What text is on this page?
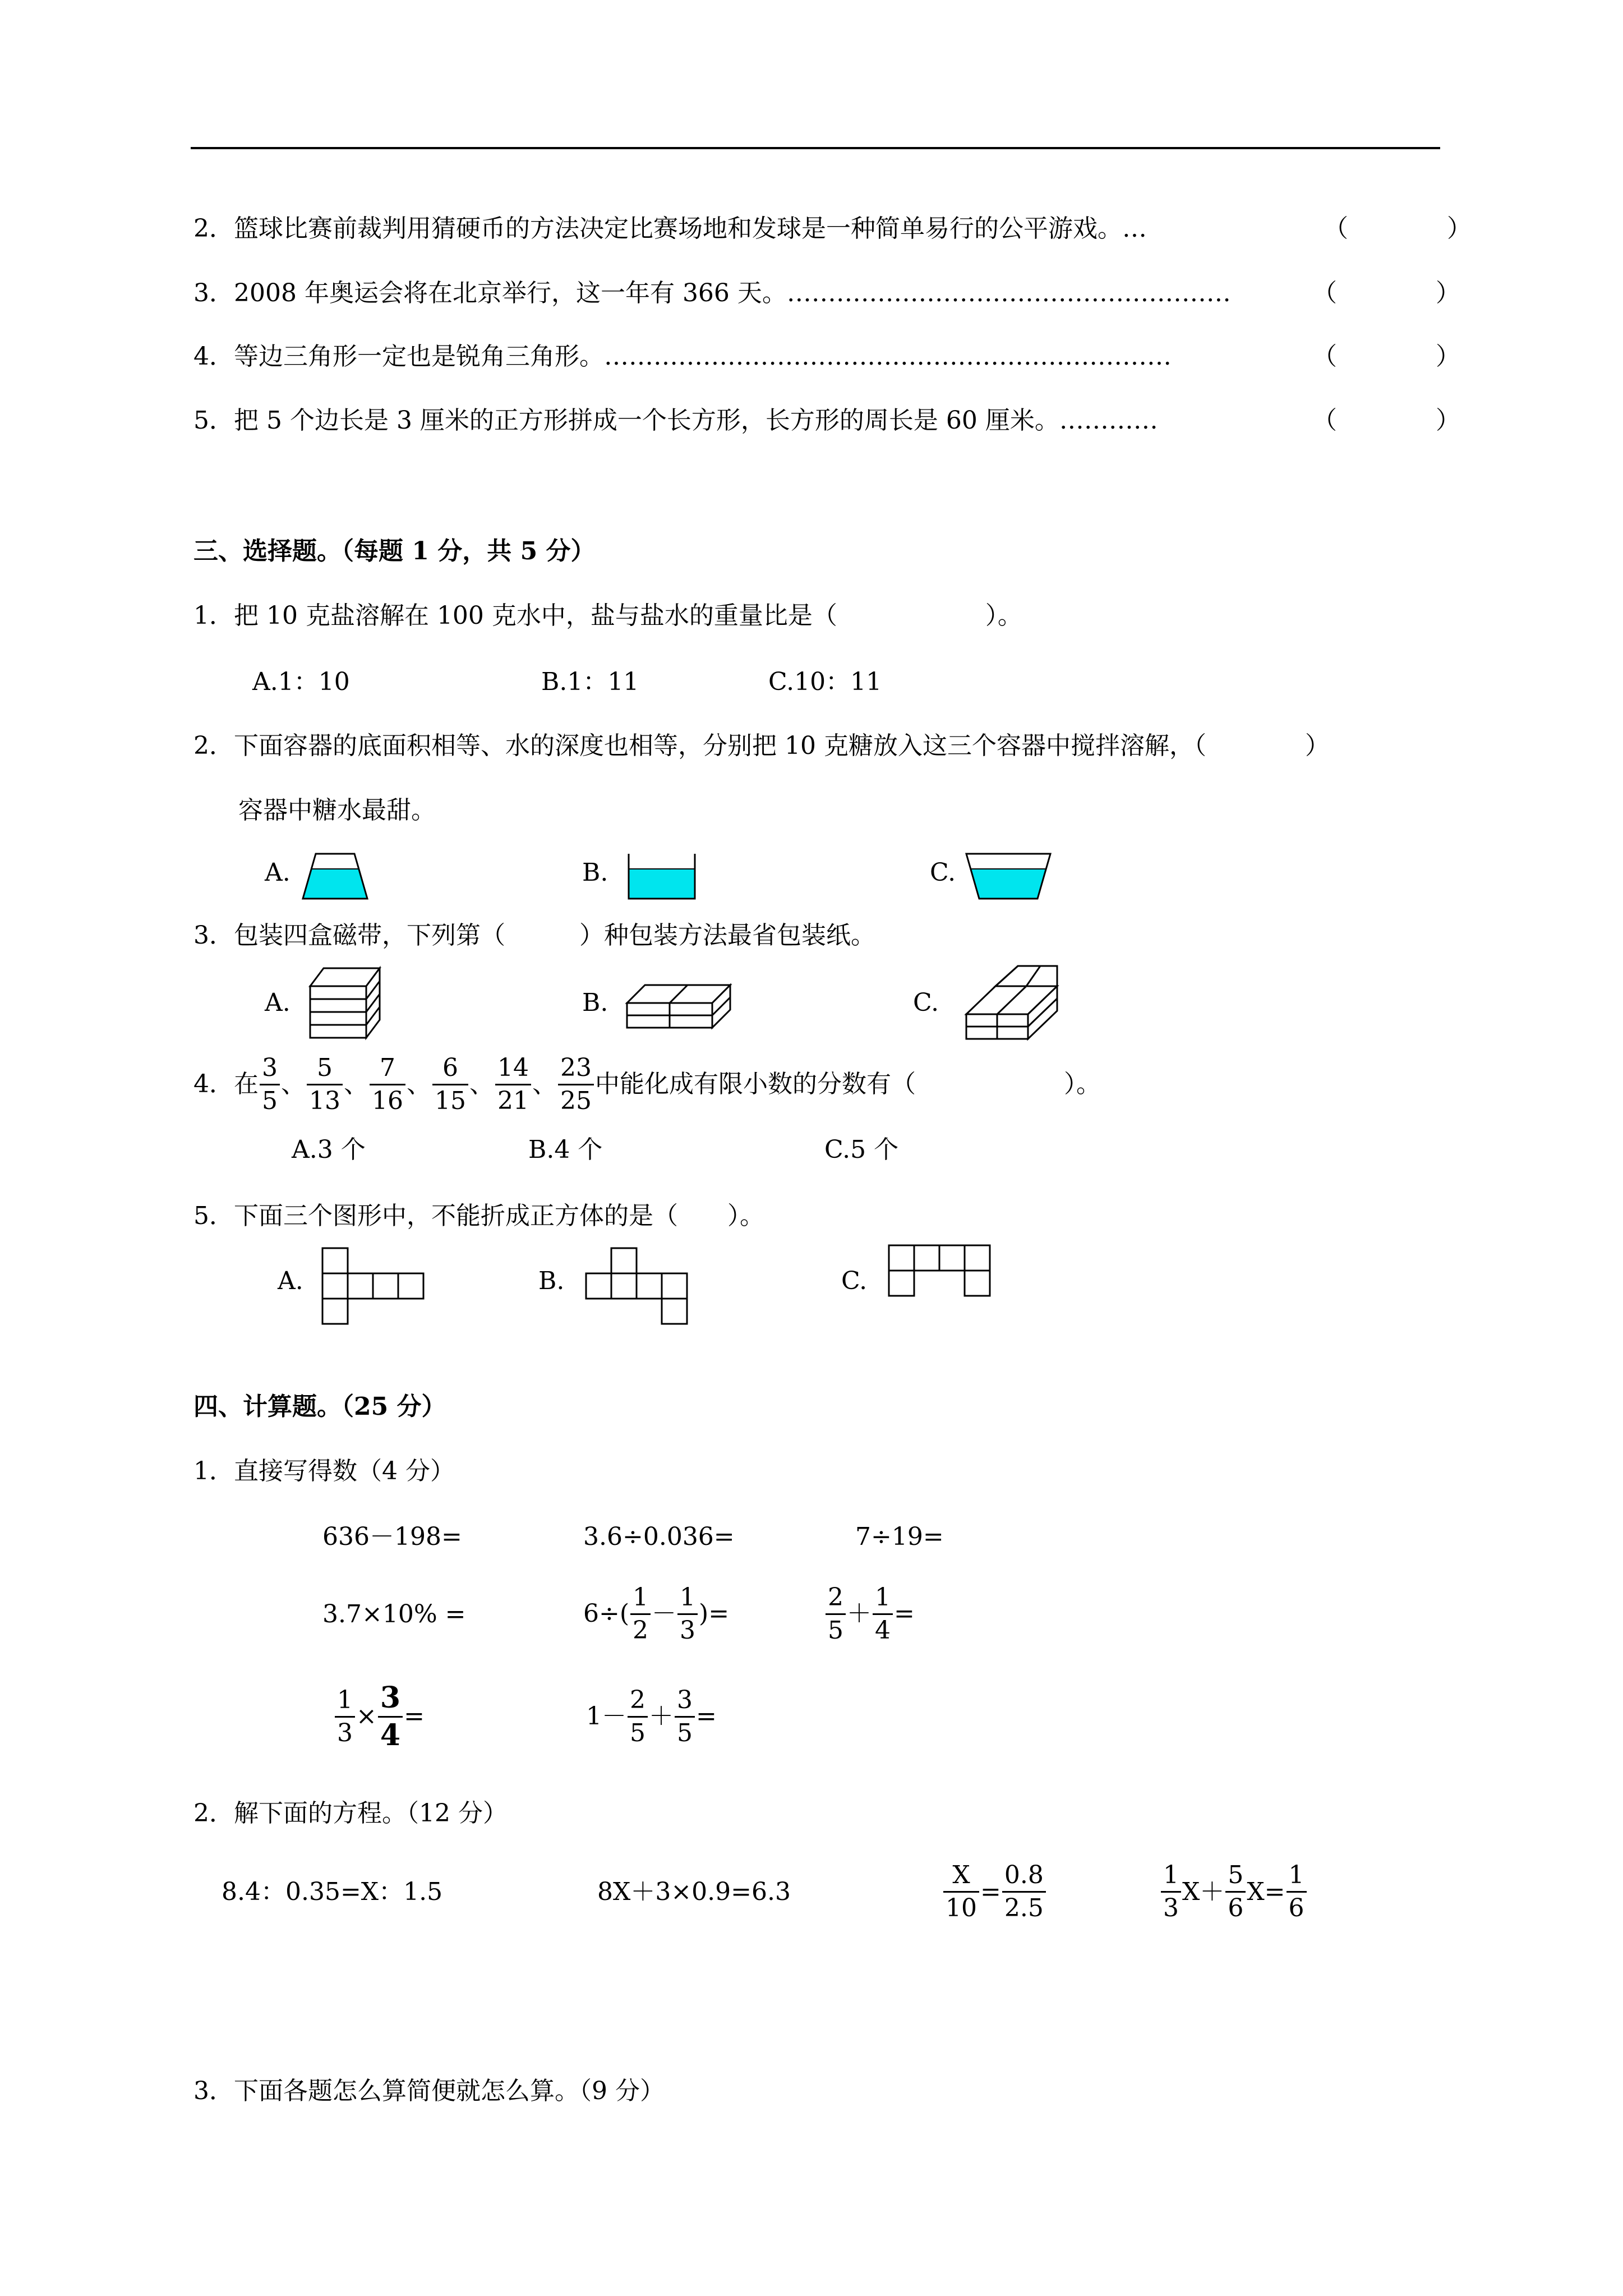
2．篮球比赛前裁判用猜硬币的方法决定比赛场地和发球是一种简单易行的公平游戏。…	（　　　　）
3．2008 年奥运会将在北京举行，这一年有 366 天。………………………………………………	（　　　　）
4．等边三角形一定也是锐角三角形。……………………………………………………………	（　　　　）
5．把 5 个边长是 3 厘米的正方形拼成一个长方形，长方形的周长是 60 厘米。…………	（　　　　）
三、选择题。（每题 1 分，共 5 分）
1．把 10 克盐溶解在 100 克水中，盐与盐水的重量比是（　　　　　　）。
A.1：10	B.1：11	C.10：11
2．下面容器的底面积相等、水的深度也相等，分别把 10 克糖放入这三个容器中搅拌溶解，（　　　　）
容器中糖水最甜。
A.	B.	C.
3．包装四盒磁带，下列第（　　　）种包装方法最省包装纸。
A.	B.	C.
4．在 $\frac{3}{5}$ 、 $\frac{5}{13}$ 、 $\frac{7}{16}$ 、 $\frac{6}{15}$ 、 $\frac{14}{21}$ 、 $\frac{23}{25}$ 中能化成有限小数的分数有（　　　　　　）。
A.3 个	B.4 个	C.5 个
5．下面三个图形中，不能折成正方体的是（　　）。
A.	B.	C.
四、计算题。（25 分）
1．直接写得数（4 分）
636－198=	3.6÷0.036=	7÷19=
3.7×10% =	$6\div( \frac{1}{2} - \frac{1}{3}$ )=	$\frac{2}{5} + \frac{1}{4}$ =
$\frac{1}{3} \times \frac{3}{4}$ =	$1- \frac{2}{5} + \frac{3}{5}$ =
2．解下面的方程。（12 分）
8.4：0.35=X：1.5	8X＋3×0.9=6.3	$\frac{X}{10} = \frac{0.8}{2.5}$	$\frac{1}{3} X+ \frac{5}{6} X= \frac{1}{6}$
3．下面各题怎么算简便就怎么算。（9 分）
